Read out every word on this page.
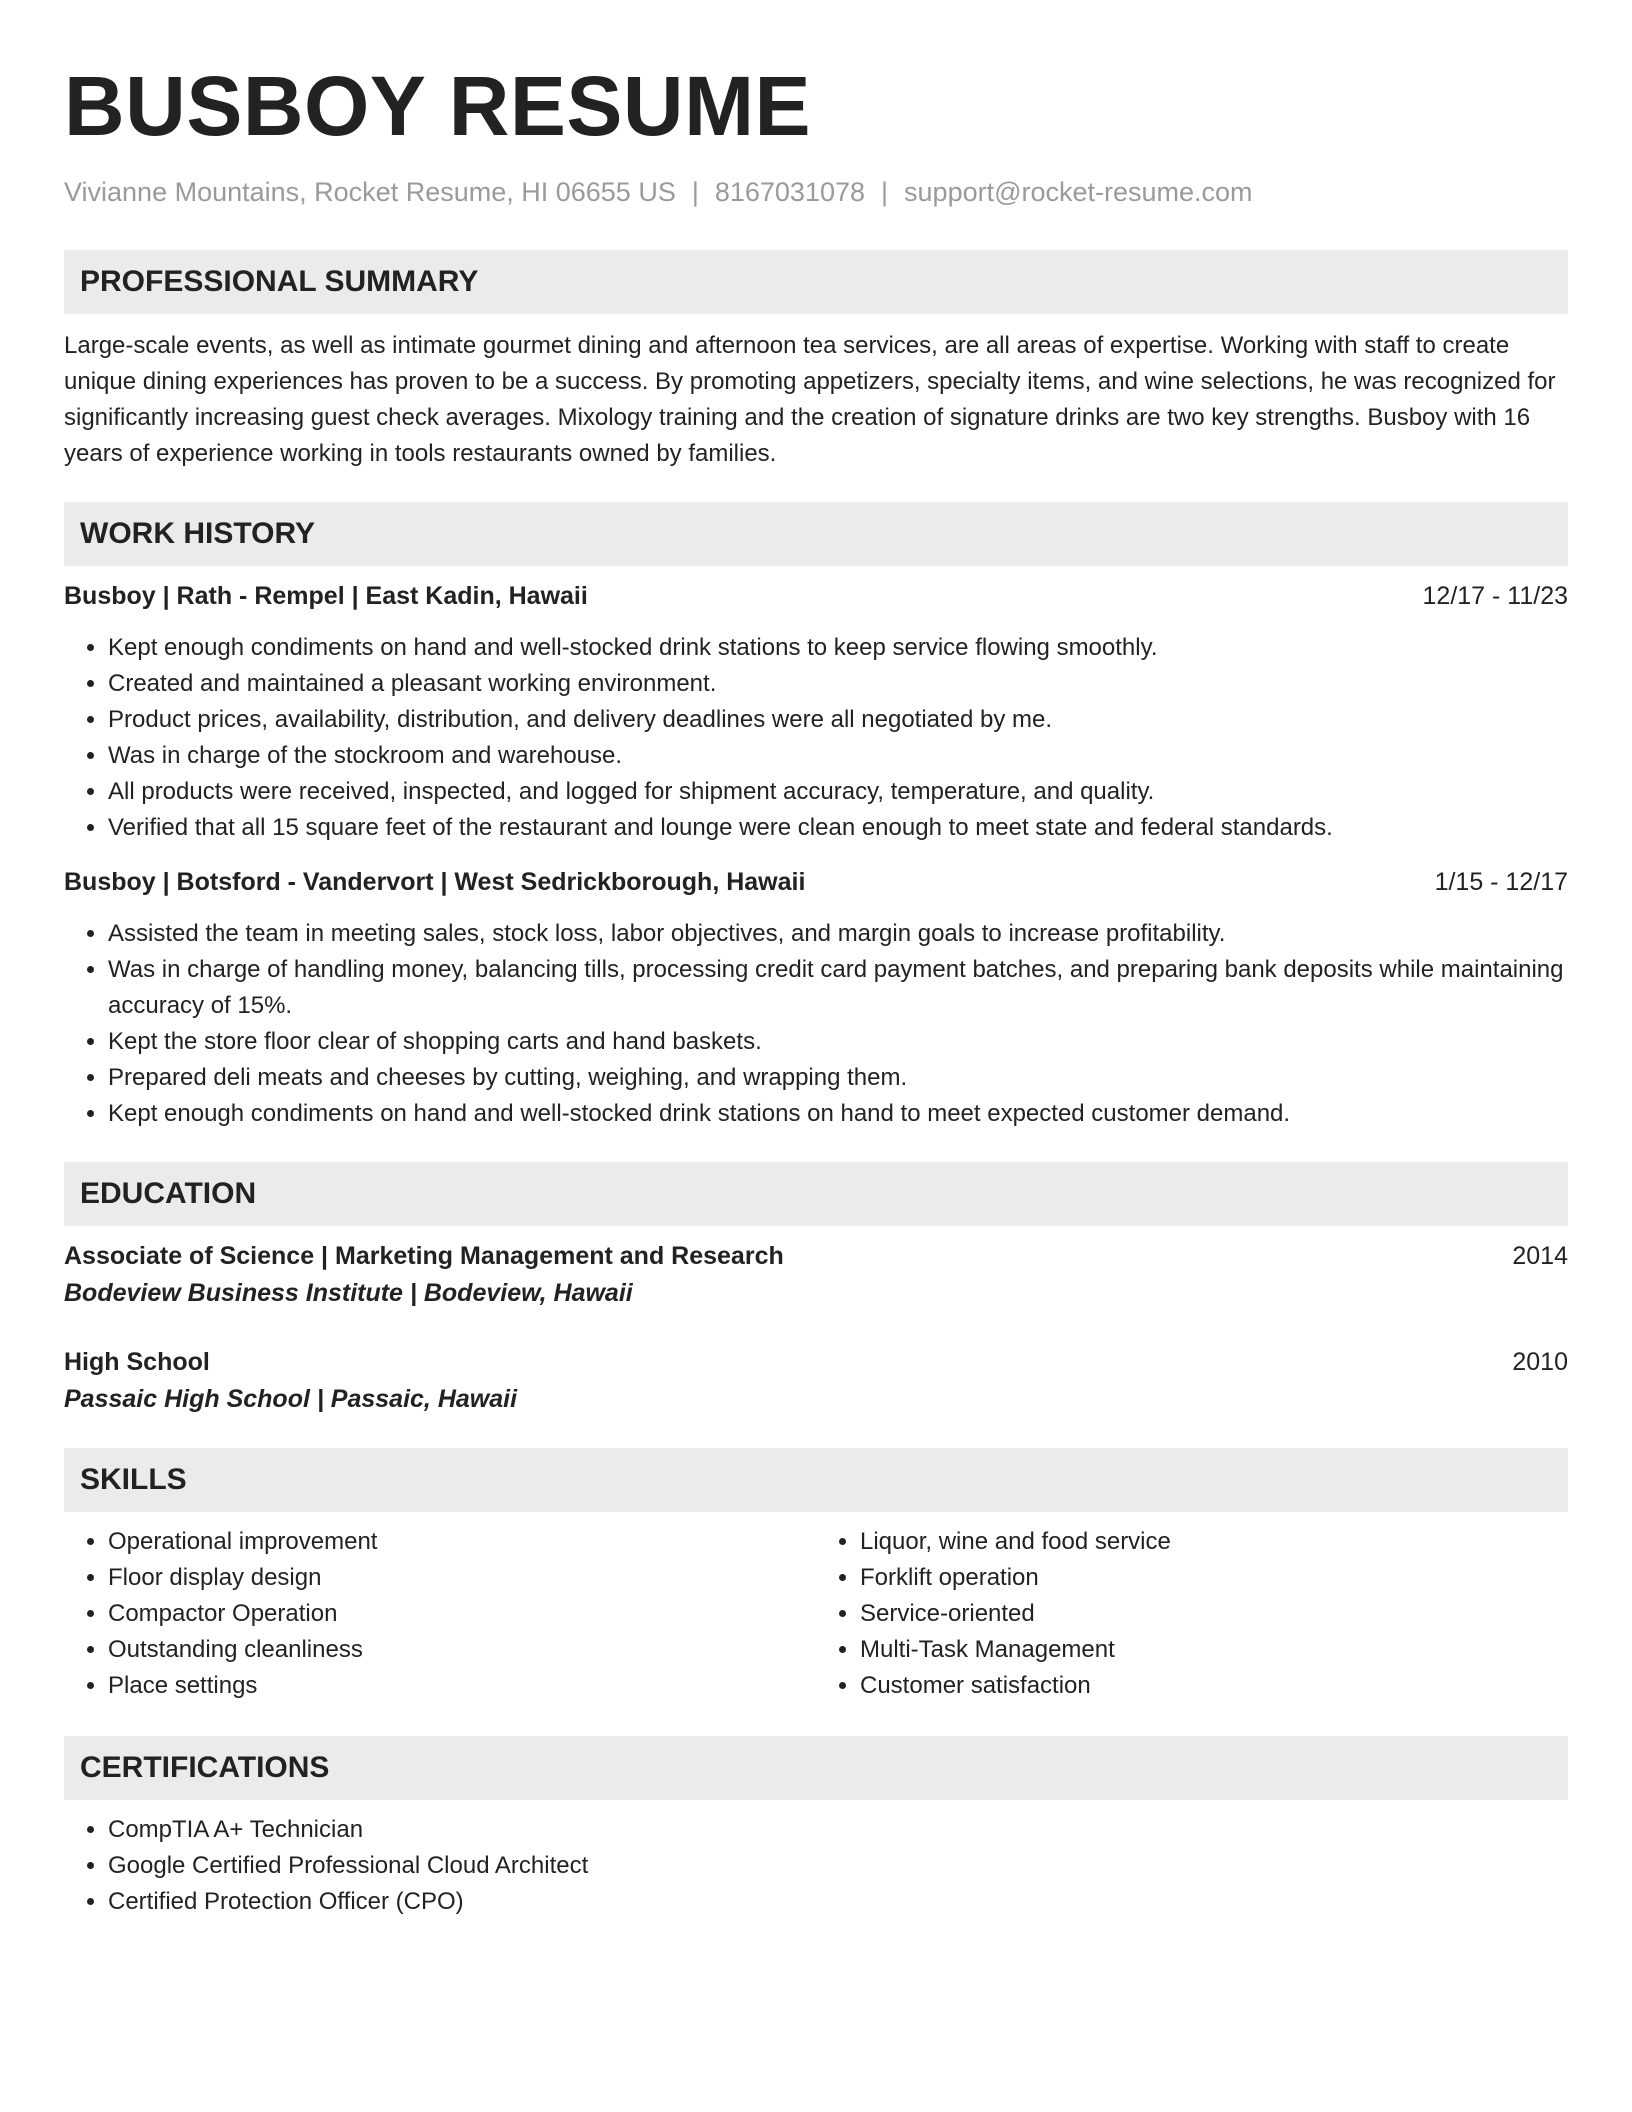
BUSBOY RESUME
Vivianne Mountains, Rocket Resume, HI 06655 US | 8167031078 | support@rocket-resume.com
PROFESSIONAL SUMMARY

Large-scale events, as well as intimate gourmet dining and afternoon tea services, are all areas of expertise. Working with staff to create unique dining experiences has proven to be a success. By promoting appetizers, specialty items, and wine selections, he was recognized for significantly increasing guest check averages. Mixology training and the creation of signature drinks are two key strengths. Busboy with 16 years of experience working in tools restaurants owned by families.

WORK HISTORY
Busboy | Rath - Rempel | East Kadin, Hawaii	12/17 - 11/23
• Kept enough condiments on hand and well-stocked drink stations to keep service flowing smoothly.
• Created and maintained a pleasant working environment.
• Product prices, availability, distribution, and delivery deadlines were all negotiated by me.
• Was in charge of the stockroom and warehouse.
• All products were received, inspected, and logged for shipment accuracy, temperature, and quality.
• Verified that all 15 square feet of the restaurant and lounge were clean enough to meet state and federal standards.
Busboy | Botsford - Vandervort | West Sedrickborough, Hawaii	1/15 - 12/17
• Assisted the team in meeting sales, stock loss, labor objectives, and margin goals to increase profitability.
• Was in charge of handling money, balancing tills, processing credit card payment batches, and preparing bank deposits while maintaining accuracy of 15%.
• Kept the store floor clear of shopping carts and hand baskets.
• Prepared deli meats and cheeses by cutting, weighing, and wrapping them.
• Kept enough condiments on hand and well-stocked drink stations on hand to meet expected customer demand.
EDUCATION
Associate of Science | Marketing Management and Research	2014
Bodeview Business Institute | Bodeview, Hawaii
High School	2010
Passaic High School | Passaic, Hawaii
SKILLS
• Operational improvement
• Floor display design
• Compactor Operation
• Outstanding cleanliness
• Place settings
• Liquor, wine and food service
• Forklift operation
• Service-oriented
• Multi-Task Management
• Customer satisfaction
CERTIFICATIONS
• CompTIA A+ Technician
• Google Certified Professional Cloud Architect
• Certified Protection Officer (CPO)
